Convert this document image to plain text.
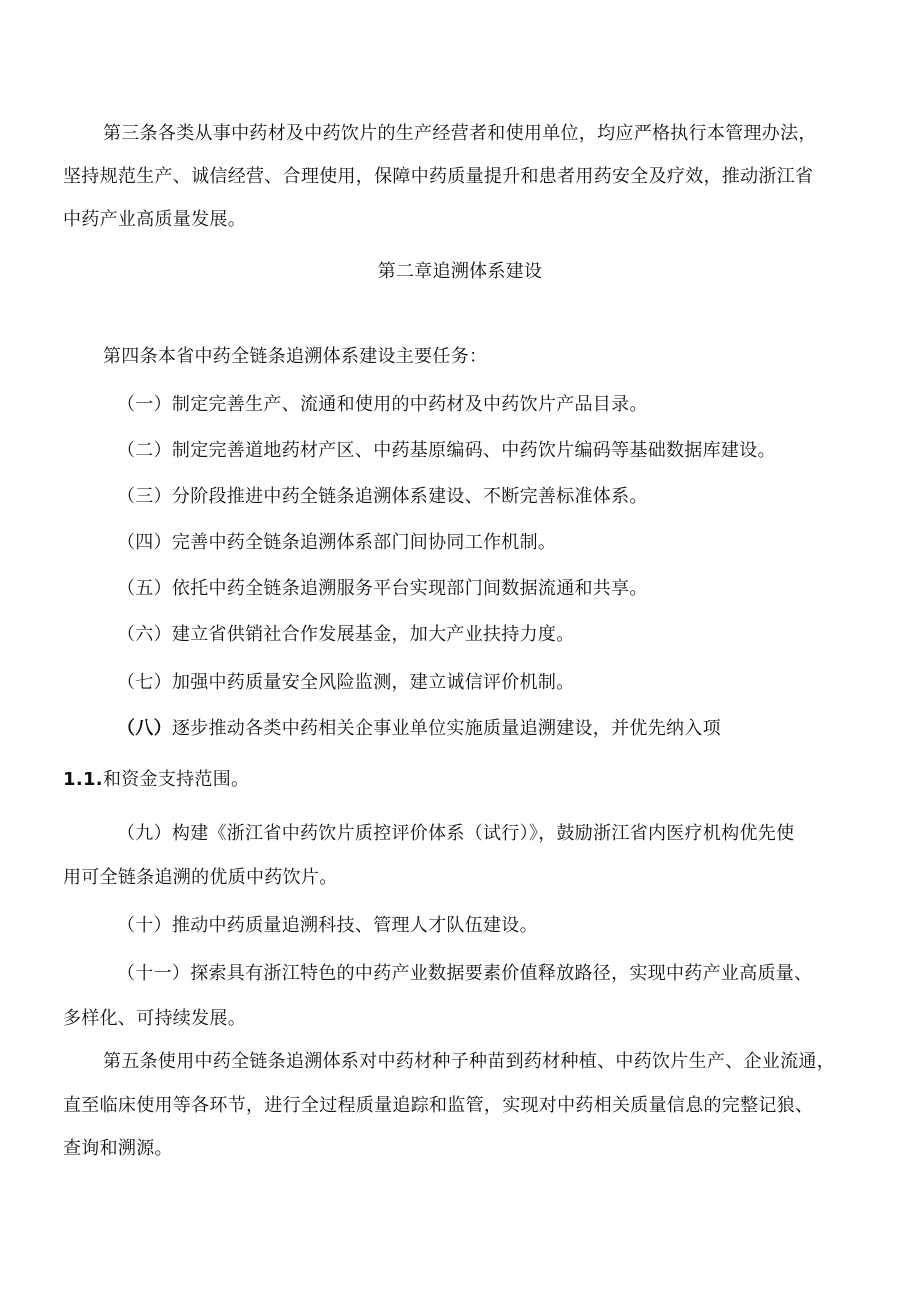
第三条各类从事中药材及中药饮片的生产经营者和使用单位，均应严格执行本管理办法，
坚持规范生产、诚信经营、合理使用，保障中药质量提升和患者用药安全及疗效，推动浙江省
中药产业高质量发展。
第二章追溯体系建设
第四条本省中药全链条追溯体系建设主要任务：
（一）制定完善生产、流通和使用的中药材及中药饮片产品目录。
（二）制定完善道地药材产区、中药基原编码、中药饮片编码等基础数据库建设。
（三）分阶段推进中药全链条追溯体系建设、不断完善标准体系。
（四）完善中药全链条追溯体系部门间协同工作机制。
（五）依托中药全链条追溯服务平台实现部门间数据流通和共享。
（六）建立省供销社合作发展基金，加大产业扶持力度。
（七）加强中药质量安全风险监测，建立诚信评价机制。
（八）逐步推动各类中药相关企事业单位实施质量追溯建设，并优先纳入项
1.1.和资金支持范围。
（九）构建《浙江省中药饮片质控评价体系（试行）》，鼓励浙江省内医疗机构优先使
用可全链条追溯的优质中药饮片。
（十）推动中药质量追溯科技、管理人才队伍建设。
（十一）探索具有浙江特色的中药产业数据要素价值释放路径，实现中药产业高质量、
多样化、可持续发展。
第五条使用中药全链条追溯体系对中药材种子种苗到药材种植、中药饮片生产、企业流通，
直至临床使用等各环节，进行全过程质量追踪和监管，实现对中药相关质量信息的完整记狼、
查询和溯源。
